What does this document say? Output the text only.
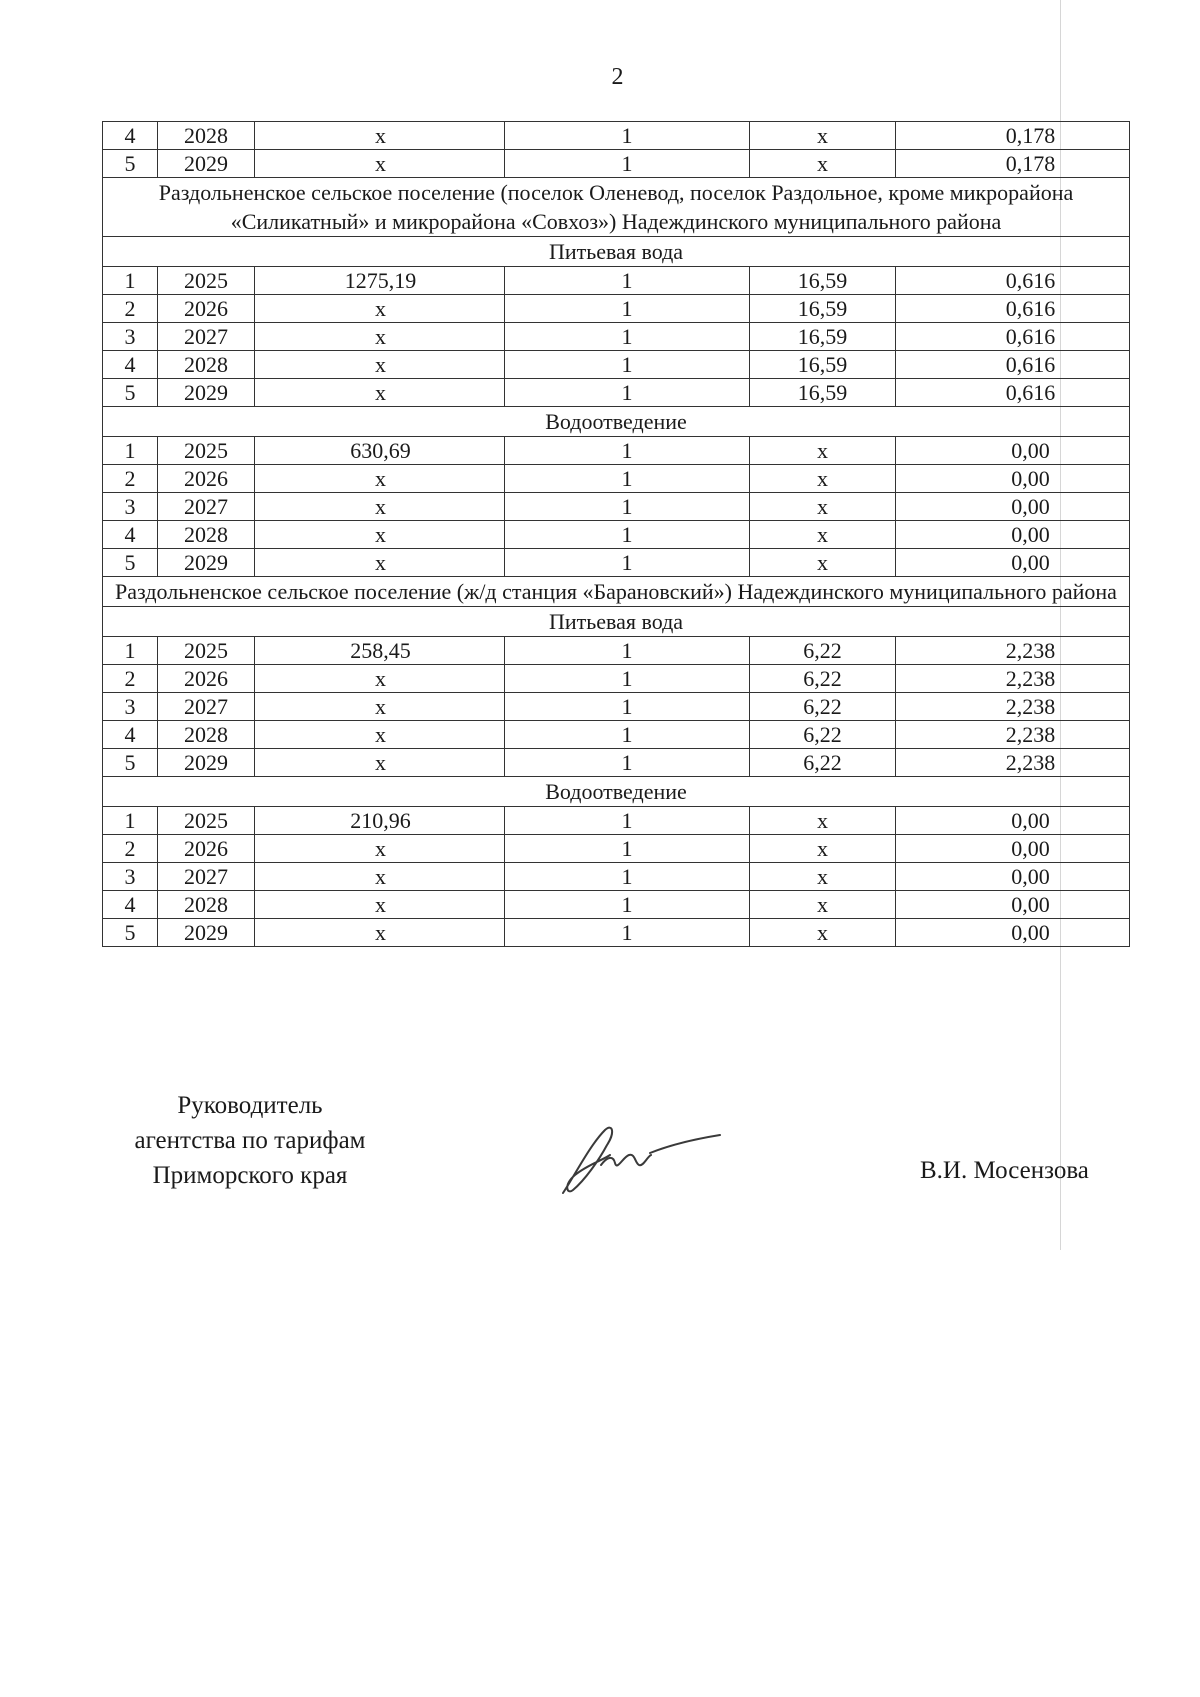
2
4	2028	х	1	х	0,178
5	2029	х	1	х	0,178
Раздольненское сельское поселение (поселок Оленевод, поселок Раздольное, кроме микрорайона «Силикатный» и микрорайона «Совхоз») Надеждинского муниципального района					
Питьевая вода					
1	2025	1275,19	1	16,59	0,616
2	2026	х	1	16,59	0,616
3	2027	х	1	16,59	0,616
4	2028	х	1	16,59	0,616
5	2029	х	1	16,59	0,616
Водоотведение					
1	2025	630,69	1	х	0,00
2	2026	х	1	х	0,00
3	2027	х	1	х	0,00
4	2028	х	1	х	0,00
5	2029	х	1	х	0,00
Раздольненское сельское поселение (ж/д станция «Барановский») Надеждинского муниципального района					
Питьевая вода					
1	2025	258,45	1	6,22	2,238
2	2026	х	1	6,22	2,238
3	2027	х	1	6,22	2,238
4	2028	х	1	6,22	2,238
5	2029	х	1	6,22	2,238
Водоотведение					
1	2025	210,96	1	х	0,00
2	2026	х	1	х	0,00
3	2027	х	1	х	0,00
4	2028	х	1	х	0,00
5	2029	х	1	х	0,00
Руководитель
агентства по тарифам
Приморского края	В.И. Мосензова
